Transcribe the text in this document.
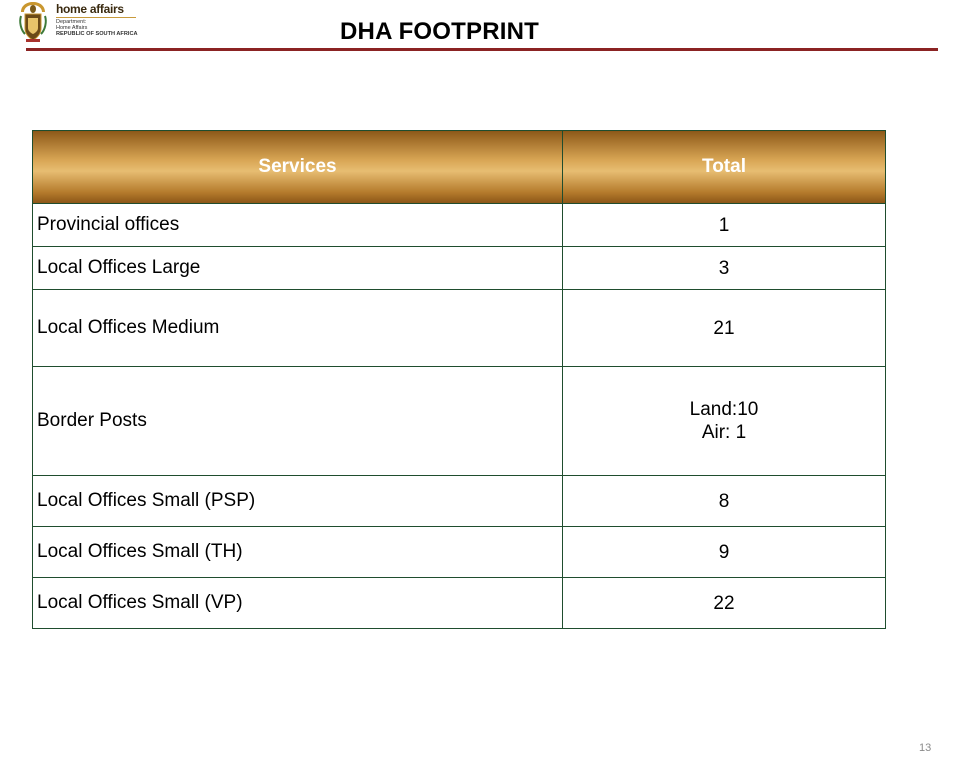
home affairs
Department:
Home Affairs
REPUBLIC OF SOUTH AFRICA	DHA FOOTPRINT
Services	Total
Provincial offices	1

Local Offices Large	3

Local Offices Medium	21

Border Posts	Land:10
Air: 1

Local Offices Small (PSP)	8

Local Offices Small (TH)	9

Local Offices Small (VP)	22
13
